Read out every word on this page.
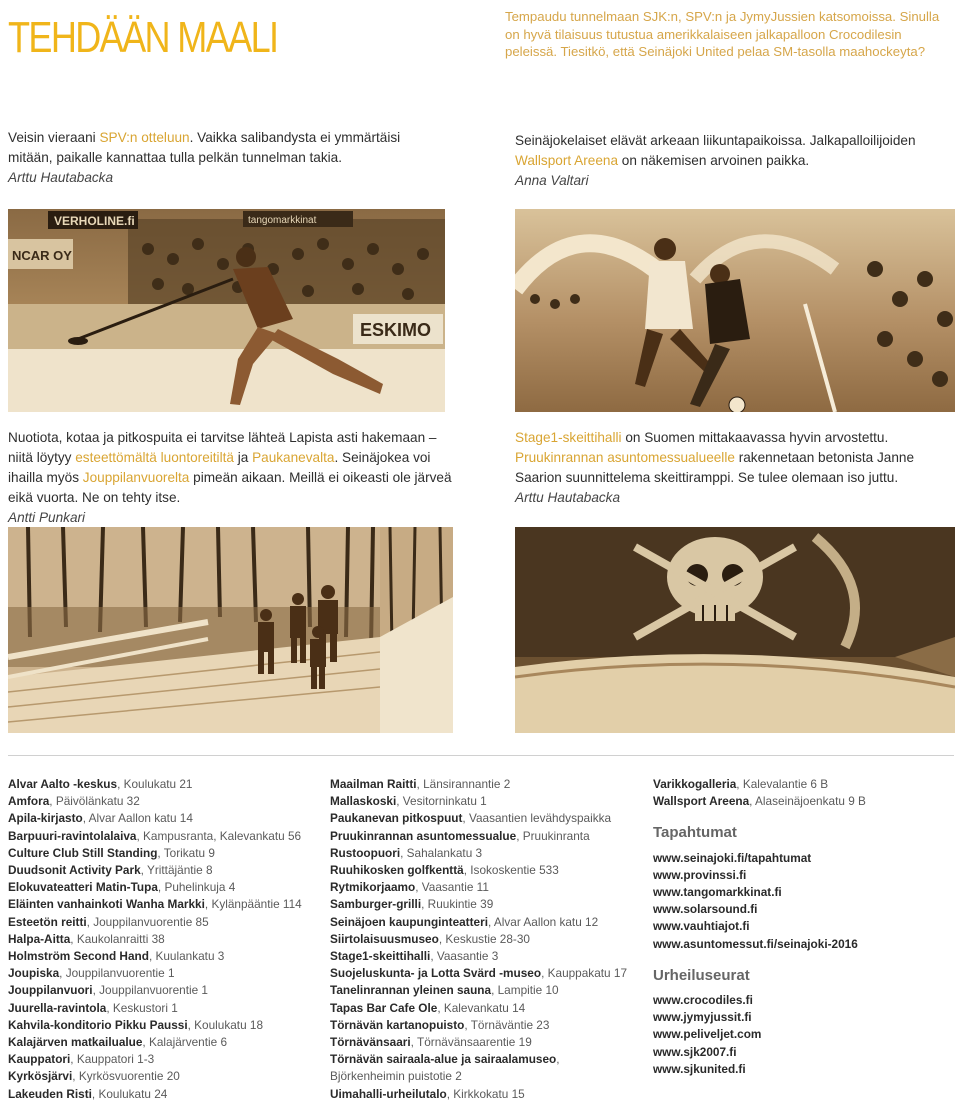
TEHDÄÄN MAALI	Tempaudu tunnelmaan SJK:n, SPV:n ja JymyJussien katsomoissa. Sinulla on hyvä tilaisuus tutustua amerikkalaiseen jalkapalloon Crocodilesin peleissä. Tiesitkö, että Seinäjoki United pelaa SM-tasolla maahockeyta?
Veisin vieraani SPV:n otteluun. Vaikka salibandysta ei ymmärtäisi mitään, paikalle kannattaa tulla pelkän tunnelman takia.
Arttu Hautabacka
Seinäjokelaiset elävät arkeaan liikuntapaikoissa. Jalkapalloilijoiden Wallsport Areena on näkemisen arvoinen paikka.
Anna Valtari
VERHOLINE.fi	tangomarkkinat
NCAR OY
ESKIMO
Nuotiota, kotaa ja pitkospuita ei tarvitse lähteä Lapista asti hakemaan – niitä löytyy esteettömältä luontoreitiltä ja Paukanevalta. Seinäjokea voi ihailla myös Jouppilanvuorelta pimeän aikaan. Meillä ei oikeasti ole järveä eikä vuorta. Ne on tehty itse.
Antti Punkari
Stage1-skeittihalli on Suomen mittakaavassa hyvin arvostettu. Pruukinrannan asuntomessualueelle rakennetaan betonista Janne Saarion suunnittelema skeittiramppi. Se tulee olemaan iso juttu.
Arttu Hautabacka
Alvar Aalto -keskus, Koulukatu 21
Amfora, Päivölänkatu 32
Apila-kirjasto, Alvar Aallon katu 14
Barpuuri-ravintolalaiva, Kampusranta, Kalevankatu 56
Culture Club Still Standing, Torikatu 9
Duudsonit Activity Park, Yrittäjäntie 8
Elokuvateatteri Matin-Tupa, Puhelinkuja 4
Eläinten vanhainkoti Wanha Markki, Kylänpääntie 114
Esteetön reitti, Jouppilanvuorentie 85
Halpa-Aitta, Kaukolanraitti 38
Holmström Second Hand, Kuulankatu 3
Joupiska, Jouppilanvuorentie 1
Jouppilanvuori, Jouppilanvuorentie 1
Juurella-ravintola, Keskustori 1
Kahvila-konditorio Pikku Paussi, Koulukatu 18
Kalajärven matkailualue, Kalajärventie 6
Kauppatori, Kauppatori 1-3
Kyrkösjärvi, Kyrkösvuorentie 20
Lakeuden Risti, Koulukatu 24
Maailman Raitti, Länsirannantie 2
Mallaskoski, Vesitorninkatu 1
Paukanevan pitkospuut, Vaasantien levähdyspaikka
Pruukinrannan asuntomessualue, Pruukinranta
Rustoopuori, Sahalankatu 3
Ruuhikosken golfkenttä, Isokoskentie 533
Rytmikorjaamo, Vaasantie 11
Samburger-grilli, Ruukintie 39
Seinäjoen kaupunginteatteri, Alvar Aallon katu 12
Siirtolaisuusmuseo, Keskustie 28-30
Stage1-skeittihalli, Vaasantie 3
Suojeluskunta- ja Lotta Svärd -museo, Kauppakatu 17
Tanelinrannan yleinen sauna, Lampitie 10
Tapas Bar Cafe Ole, Kalevankatu 14
Törnävän kartanopuisto, Törnäväntie 23
Törnävänsaari, Törnävänsaarentie 19
Törnävän sairaala-alue ja sairaalamuseo, Björkenheimin puistotie 2
Uimahalli-urheilutalo, Kirkkokatu 15
Varikkogalleria, Kalevalantie 6 B
Wallsport Areena, Alaseinäjoenkatu 9 B
Tapahtumat
www.seinajoki.fi/tapahtumat
www.provinssi.fi
www.tangomarkkinat.fi
www.solarsound.fi
www.vauhtiajot.fi
www.asuntomessut.fi/seinajoki-2016
Urheiluseurat
www.crocodiles.fi
www.jymyjussit.fi
www.peliveljet.com
www.sjk2007.fi
www.sjkunited.fi
